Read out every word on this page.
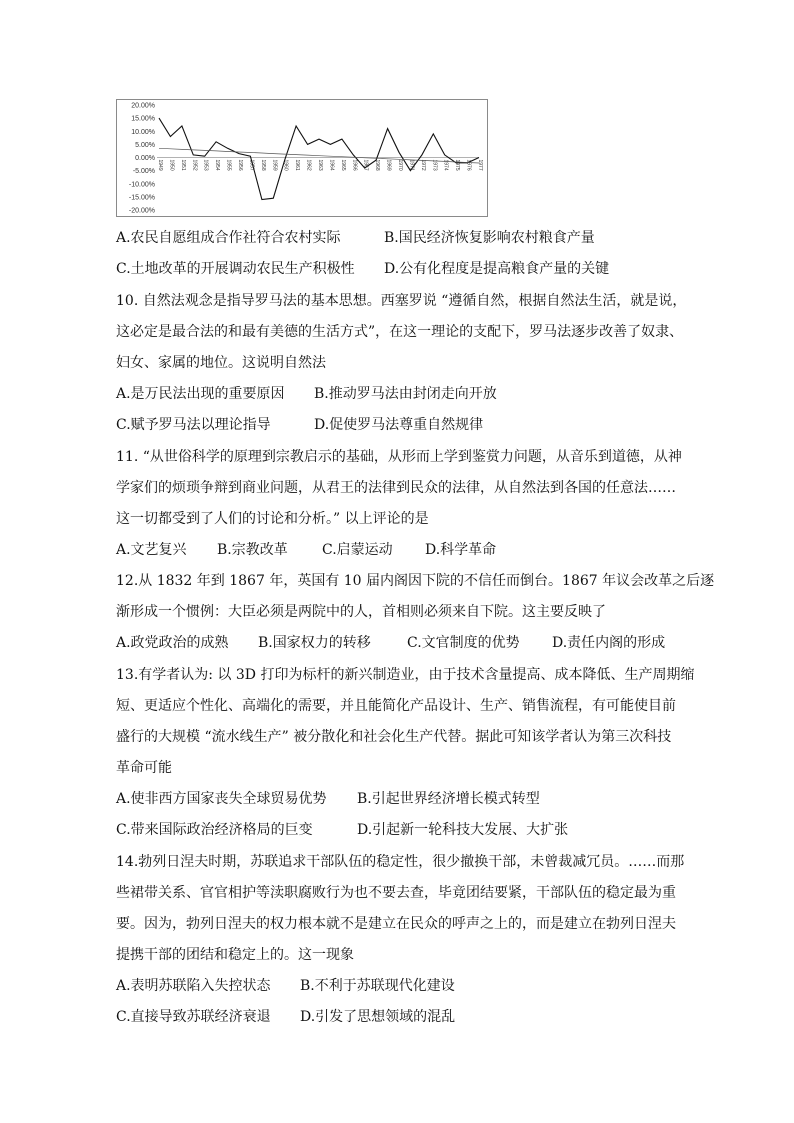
20.00%
15.00%
10.00%
5.00%
0.00%
-5.00%
-10.00%
-15.00%
-20.00%
1949 1950 1951 1952 1953 1954 1955 1956 1957 1958 1959 1960 1961 1962 1963 1964 1965 1966 1967 1968 1969 1970 1971 1972 1973 1974 1975 1976 1977
A.农民自愿组成合作社符合农村实际	B.国民经济恢复影响农村粮食产量
C.土地改革的开展调动农民生产积极性 D.公有化程度是提高粮食产量的关键
10. 自然法观念是指导罗马法的基本思想。西塞罗说 “遵循自然，根据自然法生活，就是说，
这必定是最合法的和最有美德的生活方式”，在这一理论的支配下，罗马法逐步改善了奴隶、
妇女、家属的地位。这说明自然法
A.是万民法出现的重要原因 B.推动罗马法由封闭走向开放
C.赋予罗马法以理论指导	D.促使罗马法尊重自然规律
11. “从世俗科学的原理到宗教启示的基础，从形而上学到鉴赏力问题，从音乐到道德，从神
学家们的烦琐争辩到商业问题，从君王的法律到民众的法律，从自然法到各国的任意法……
这一切都受到了人们的讨论和分析。” 以上评论的是
A.文艺复兴 B.宗教改革 C.启蒙运动 D.科学革命
12.从 1832 年到 1867 年，英国有 10 届内阁因下院的不信任而倒台。1867 年议会改革之后逐
渐形成一个惯例：大臣必须是两院中的人，首相则必须来自下院。这主要反映了
A.政党政治的成熟 B.国家权力的转移	C.文官制度的优势 D.责任内阁的形成
13.有学者认为: 以 3D 打印为标杆的新兴制造业，由于技术含量提高、成本降低、生产周期缩
短、更适应个性化、高端化的需要，并且能简化产品设计、生产、销售流程，有可能使目前
盛行的大规模 “流水线生产” 被分散化和社会化生产代替。据此可知该学者认为第三次科技
革命可能
A.使非西方国家丧失全球贸易优势 B.引起世界经济增长模式转型
C.带来国际政治经济格局的巨变	D.引起新一轮科技大发展、大扩张
14.勃列日涅夫时期，苏联追求干部队伍的稳定性，很少撤换干部，未曾裁减冗员。……而那
些裙带关系、官官相护等渎职腐败行为也不要去查，毕竟团结要紧，干部队伍的稳定最为重
要。因为，勃列日涅夫的权力根本就不是建立在民众的呼声之上的，而是建立在勃列日涅夫
提携干部的团结和稳定上的。这一现象
A.表明苏联陷入失控状态 B.不利于苏联现代化建设
C.直接导致苏联经济衰退 D.引发了思想领域的混乱
